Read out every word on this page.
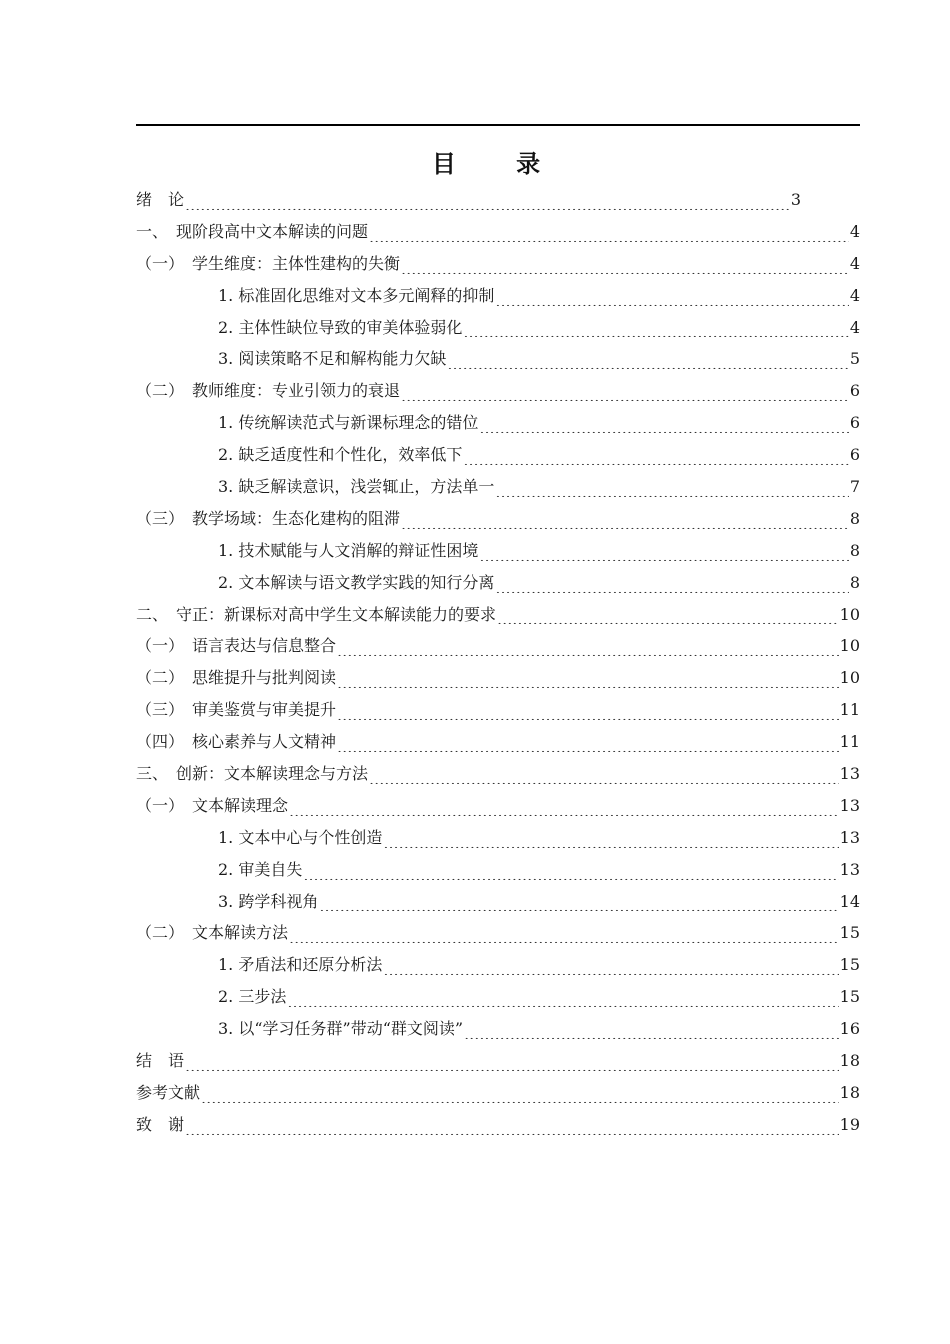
目 录
绪　论 .....	3
一、　现阶段高中文本解读的问题 .....	4
（一）　学生维度：主体性建构的失衡 .....	4
1. 标准固化思维对文本多元阐释的抑制 .....	4
2. 主体性缺位导致的审美体验弱化 .....	4
3. 阅读策略不足和解构能力欠缺 .....	5
（二）　教师维度：专业引领力的衰退 .....	6
1. 传统解读范式与新课标理念的错位 .....	6
2. 缺乏适度性和个性化，效率低下 .....	6
3. 缺乏解读意识，浅尝辄止，方法单一 .....	7
（三）　教学场域：生态化建构的阻滞 .....	8
1. 技术赋能与人文消解的辩证性困境 .....	8
2. 文本解读与语文教学实践的知行分离 .....	8
二、　守正：新课标对高中学生文本解读能力的要求 .....	10
（一）　语言表达与信息整合 .....	10
（二）　思维提升与批判阅读 .....	10
（三）　审美鉴赏与审美提升 .....	11
（四）　核心素养与人文精神 .....	11
三、　创新：文本解读理念与方法 .....	13
（一）　文本解读理念 .....	13
1. 文本中心与个性创造 .....	13
2. 审美自失 .....	13
3. 跨学科视角 .....	14
（二）　文本解读方法 .....	15
1. 矛盾法和还原分析法 .....	15
2. 三步法 .....	15
3. 以“学习任务群”带动“群文阅读” .....	16
结　语 .....	18
参考文献 .....	18
致　谢 .....	19
